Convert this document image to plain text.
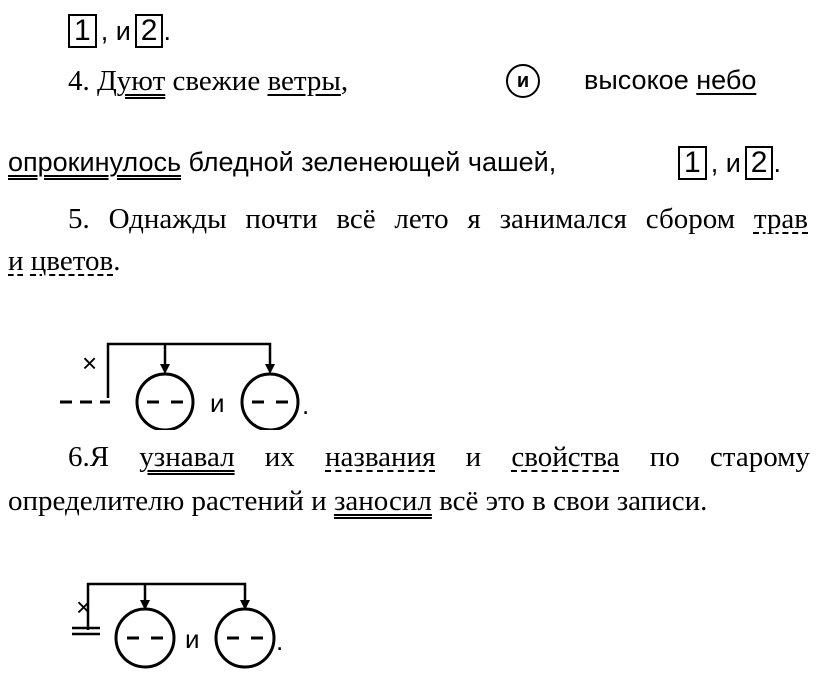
1 , и 2 .
4. Дуют свежие ветры,	и	высокое небо
опрокинулось бледной зеленеющей чашей,	1 , и 2 .
5. Однажды почти всё лето я занимался сбором трав
и цветов.
×
и	.
6.Я узнавал их названия и свойства по старому
определителю растений и заносил всё это в свои записи.
×
и	.
